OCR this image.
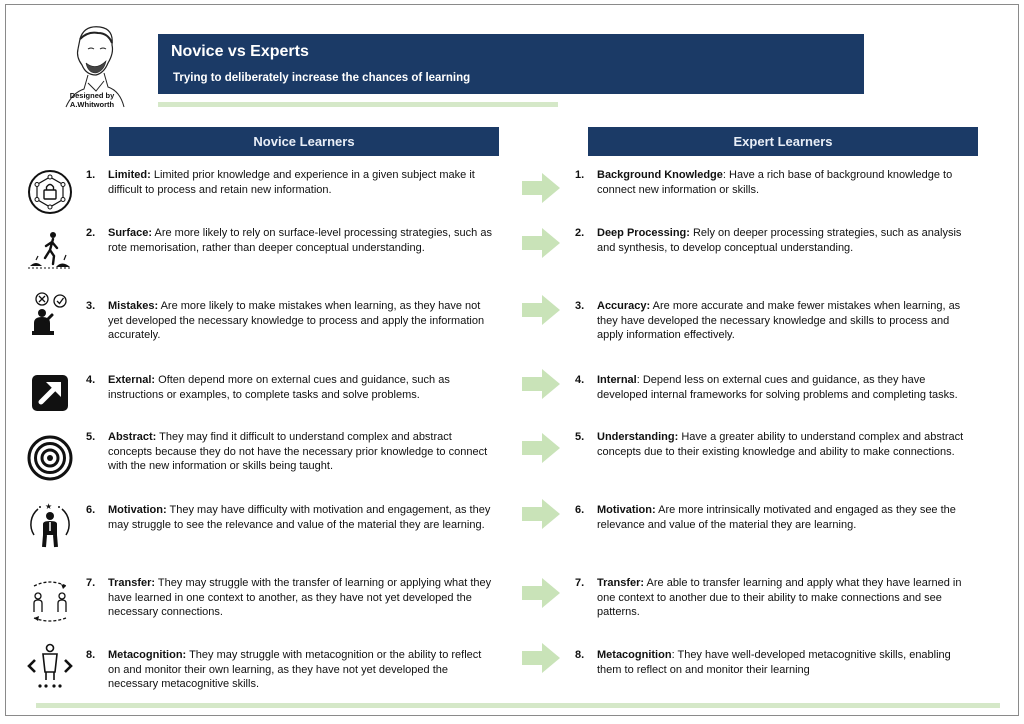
Designed by A.Whitworth
Novice vs Experts
Trying to deliberately increase the chances of learning
Novice Learners	Expert Learners
1. Limited: Limited prior knowledge and experience in a given subject make it difficult to process and retain new information.
1. Background Knowledge: Have a rich base of background knowledge to connect new information or skills.
2. Surface: Are more likely to rely on surface-level processing strategies, such as rote memorisation, rather than deeper conceptual understanding.
2. Deep Processing: Rely on deeper processing strategies, such as analysis and synthesis, to develop conceptual understanding.
3. Mistakes: Are more likely to make mistakes when learning, as they have not yet developed the necessary knowledge to process and apply the information accurately.
3. Accuracy: Are more accurate and make fewer mistakes when learning, as they have developed the necessary knowledge and skills to process and apply information effectively.
4. External: Often depend more on external cues and guidance, such as instructions or examples, to complete tasks and solve problems.
4. Internal: Depend less on external cues and guidance, as they have developed internal frameworks for solving problems and completing tasks.
5. Abstract: They may find it difficult to understand complex and abstract concepts because they do not have the necessary prior knowledge to connect with the new information or skills being taught.
5. Understanding: Have a greater ability to understand complex and abstract concepts due to their existing knowledge and ability to make connections.
★	6. Motivation: They may have difficulty with motivation and engagement, as they may struggle to see the relevance and value of the material they are learning.
6. Motivation: Are more intrinsically motivated and engaged as they see the relevance and value of the material they are learning.
7. Transfer: They may struggle with the transfer of learning or applying what they have learned in one context to another, as they have not yet developed the necessary connections.
7. Transfer: Are able to transfer learning and apply what they have learned in one context to another due to their ability to make connections and see patterns.
8. Metacognition: They may struggle with metacognition or the ability to reflect on and monitor their own learning, as they have not yet developed the necessary metacognitive skills.
8. Metacognition: They have well-developed metacognitive skills, enabling them to reflect on and monitor their learning
